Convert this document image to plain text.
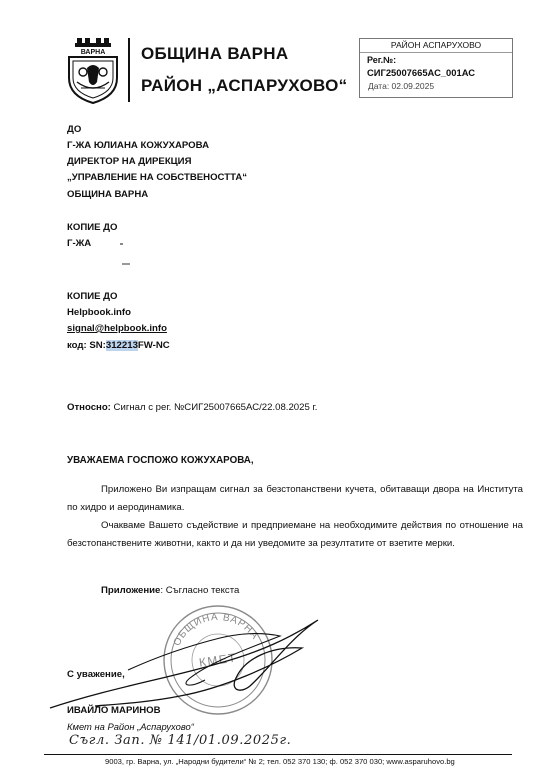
ВАРНА ОБЩИНА ВАРНА
РАЙОН „АСПАРУХОВО“
РАЙОН АСПАРУХОВО
Рег.№:
СИГ25007665АС_001АС
Дата: 02.09.2025
ДО
Г-ЖА ЮЛИАНА КОЖУХАРОВА
ДИРЕКТОР НА ДИРЕКЦИЯ
„УПРАВЛЕНИЕ НА СОБСТВЕНОСТТА“
ОБЩИНА ВАРНА
КОПИЕ ДО
Г-ЖА
КОПИЕ ДО
Helpbook.info
signal@helpbook.info
код: SN:312213FW-NC
Относно: Сигнал с рег. №СИГ25007665АС/22.08.2025 г.
УВАЖАЕМА ГОСПОЖО КОЖУХАРОВА,
Приложено Ви изпращам сигнал за безстопанствени кучета, обитаващи двора на Института по хидро и аеродинамика.
Очакваме Вашето съдействие и предприемане на необходимите действия по отношение на безстопанствените животни, както и да ни уведомите за резултатите от взетите мерки.
Приложение: Съгласно текста
ОБЩИНА ВАРНА
КМЕТ
С уважение,
ИВАЙЛО МАРИНОВ
Кмет на Район „Аспарухово“
Съгл. Зап. № 141/01.09.2025г.
9003, гр. Варна, ул. „Народни будители“ № 2; тел. 052 370 130; ф. 052 370 030; www.asparuhovo.bg
